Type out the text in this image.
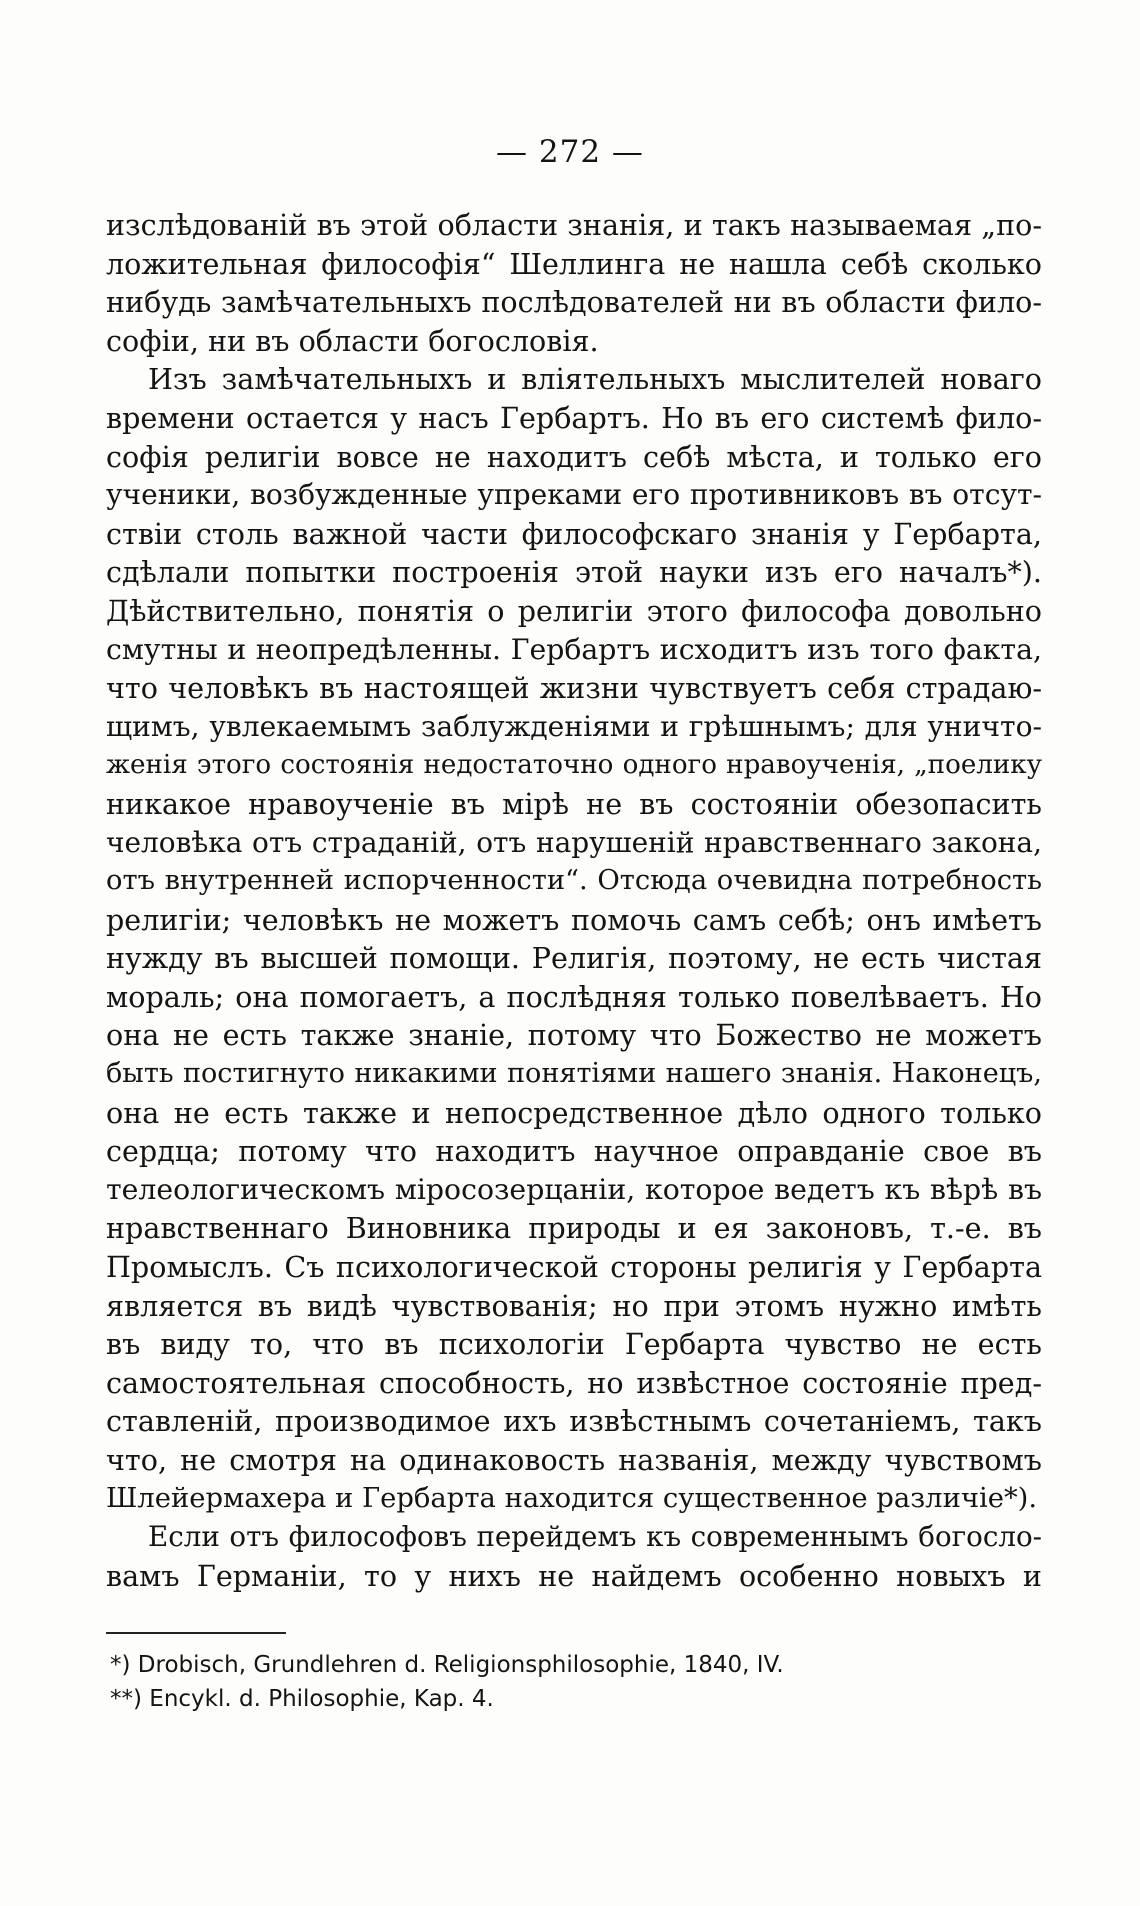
— 272 —
изслѣдованій въ этой области знанія, и такъ называемая „по-
ложительная философія“ Шеллинга не нашла себѣ сколько
нибудь замѣчательныхъ послѣдователей ни въ области фило-
софіи, ни въ области богословія.
Изъ замѣчательныхъ и вліятельныхъ мыслителей новаго
времени остается у насъ Гербартъ. Но въ его системѣ фило-
софія религіи вовсе не находитъ себѣ мѣста, и только его
ученики, возбужденные упреками его противниковъ въ отсут-
ствіи столь важной части философскаго знанія у Гербарта,
сдѣлали попытки построенія этой науки изъ его началъ*).
Дѣйствительно, понятія о религіи этого философа довольно
смутны и неопредѣленны. Гербартъ исходитъ изъ того факта,
что человѣкъ въ настоящей жизни чувствуетъ себя страдаю-
щимъ, увлекаемымъ заблужденіями и грѣшнымъ; для уничто-
женія этого состоянія недостаточно одного нравоученія, „поелику
никакое нравоученіе въ мірѣ не въ состояніи обезопасить
человѣка отъ страданій, отъ нарушеній нравственнаго закона,
отъ внутренней испорченности“. Отсюда очевидна потребность
религіи; человѣкъ не можетъ помочь самъ себѣ; онъ имѣетъ
нужду въ высшей помощи. Религія, поэтому, не есть чистая
мораль; она помогаетъ, а послѣдняя только повелѣваетъ. Но
она не есть также знаніе, потому что Божество не можетъ
быть постигнуто никакими понятіями нашего знанія. Наконецъ,
она не есть также и непосредственное дѣло одного только
сердца; потому что находитъ научное оправданіе свое въ
телеологическомъ міросозерцаніи, которое ведетъ къ вѣрѣ въ
нравственнаго Виновника природы и ея законовъ, т.-е. въ
Промыслъ. Съ психологической стороны религія у Гербарта
является въ видѣ чувствованія; но при этомъ нужно имѣть
въ виду то, что въ психологіи Гербарта чувство не есть
самостоятельная способность, но извѣстное состояніе пред-
ставленій, производимое ихъ извѣстнымъ сочетаніемъ, такъ
что, не смотря на одинаковость названія, между чувствомъ
Шлейермахера и Гербарта находится существенное различіе*).
Если отъ философовъ перейдемъ къ современнымъ богосло-
вамъ Германіи, то у нихъ не найдемъ особенно новыхъ и
*) Drobisch, Grundlehren d. Religionsphilosophie, 1840, IV.
**) Encykl. d. Philosophie, Kap. 4.
